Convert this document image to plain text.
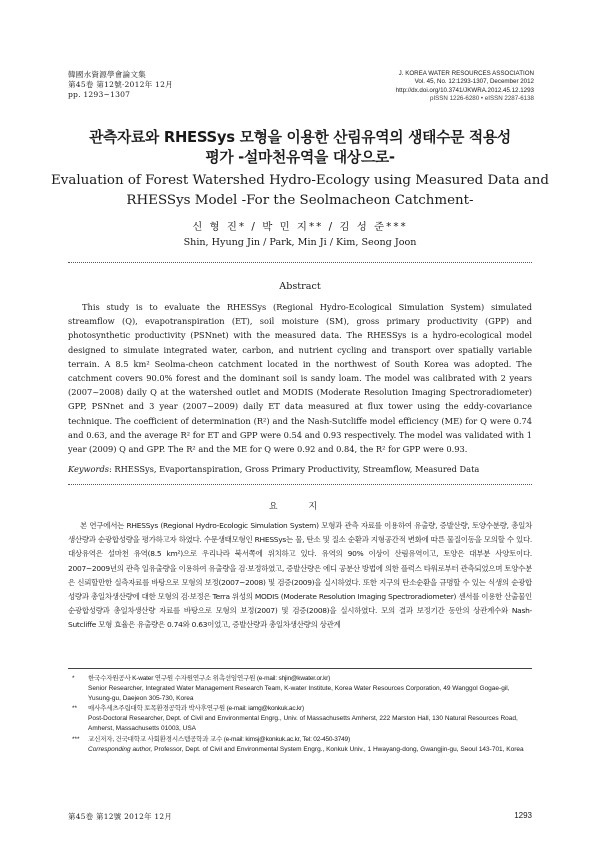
韓國水資源學會論文集
第45卷 第12號·2012年 12月
pp. 1293~1307
J. KOREA WATER RESOURCES ASSOCIATION
Vol. 45, No. 12:1293-1307, December 2012
http://dx.doi.org/10.3741/JKWRA.2012.45.12.1293
pISSN 1226-6280 • eISSN 2287-6138
관측자료와 RHESSys 모형을 이용한 산림유역의 생태수문 적용성
평가 -설마천유역을 대상으로-
Evaluation of Forest Watershed Hydro-Ecology using Measured Data and
RHESSys Model -For the Seolmacheon Catchment-
신 형 진* / 박 민 지** / 김 성 준***
Shin, Hyung Jin / Park, Min Ji / Kim, Seong Joon
Abstract

This study is to evaluate the RHESSys (Regional Hydro-Ecological Simulation System) simulated streamflow (Q), evapotranspiration (ET), soil moisture (SM), gross primary productivity (GPP) and photosynthetic productivity (PSNnet) with the measured data. The RHESSys is a hydro-ecological model designed to simulate integrated water, carbon, and nutrient cycling and transport over spatially variable terrain. A 8.5 km² Seolma-cheon catchment located in the northwest of South Korea was adopted. The catchment covers 90.0% forest and the dominant soil is sandy loam. The model was calibrated with 2 years (2007~2008) daily Q at the watershed outlet and MODIS (Moderate Resolution Imaging Spectroradiometer) GPP, PSNnet and 3 year (2007~2009) daily ET data measured at flux tower using the eddy-covariance technique. The coefficient of determination (R²) and the Nash-Sutcliffe model efficiency (ME) for Q were 0.74 and 0.63, and the average R² for ET and GPP were 0.54 and 0.93 respectively. The model was validated with 1 year (2009) Q and GPP. The R² and the ME for Q were 0.92 and 0.84, the R² for GPP were 0.93.

Keywords: RHESSys, Evaportanspiration, Gross Primary Productivity, Streamflow, Measured Data
요 지

본 연구에서는 RHESSys (Regional Hydro-Ecologic Simulation System) 모형과 관측 자료를 이용하여 유출량, 증발산량, 토양수분량, 총일차생산량과 순광합성량을 평가하고자 하였다. 수문생태모형인 RHESSys는 물, 탄소 및 질소 순환과 지형공간적 변화에 따른 물질이동을 모의할 수 있다. 대상유역은 설마천 유역(8.5 km²)으로 우리나라 북서쪽에 위치하고 있다. 유역의 90% 이상이 산림유역이고, 토양은 대부분 사양토이다. 2007~2009년의 관측 일유출량을 이용하여 유출량을 검·보정하였고, 증발산량은 에디 공분산 방법에 의한 플럭스 타워로부터 관측되었으며 토양수분은 신뢰할만한 실측자료를 바탕으로 모형의 보정(2007~2008) 및 검증(2009)을 실시하였다. 또한 지구의 탄소순환을 규명할 수 있는 식생의 순광합성량과 총일차생산량에 대한 모형의 검·보정은 Terra 위성의 MODIS (Moderate Resolution Imaging Spectroradiometer) 센서를 이용한 산출물인 순광합성량과 총일차생산량 자료를 바탕으로 모형의 보정(2007) 및 검증(2008)을 실시하였다. 모의 결과 보정기간 동안의 상관계수와 Nash-Sutcliffe 모형 효율은 유출량은 0.74와 0.63이었고, 증발산량과 총일차생산량의 상관계

* 한국수자원공사 K-water 연구원 수자원연구소 위촉선임연구원 (e-mail: shjin@kwater.or.kr)
Senior Researcher, Integrated Water Management Research Team, K-water Institute, Korea Water Resources Corporation, 49 Wanggol Gogae-gil, Yusung-gu, Daejeon 305-730, Korea
** 매사추세츠주립대학 토목환경공학과 박사후연구원 (e-mail: iamg@konkuk.ac.kr)
Post-Doctoral Researcher, Dept. of Civil and Environmental Engrg., Univ. of Massachusetts Amherst, 222 Marston Hall, 130 Natural Resources Road, Amherst, Massachusetts 01003, USA
*** 교신저자, 건국대학교 사회환경시스템공학과 교수 (e-mail: kimsj@konkuk.ac.kr, Tel: 02-450-3749)
Corresponding author, Professor, Dept. of Civil and Environmental System Engrg., Konkuk Univ., 1 Hwayang-dong, Gwangjin-gu, Seoul 143-701, Korea
第45卷 第12號 2012年 12月	1293
